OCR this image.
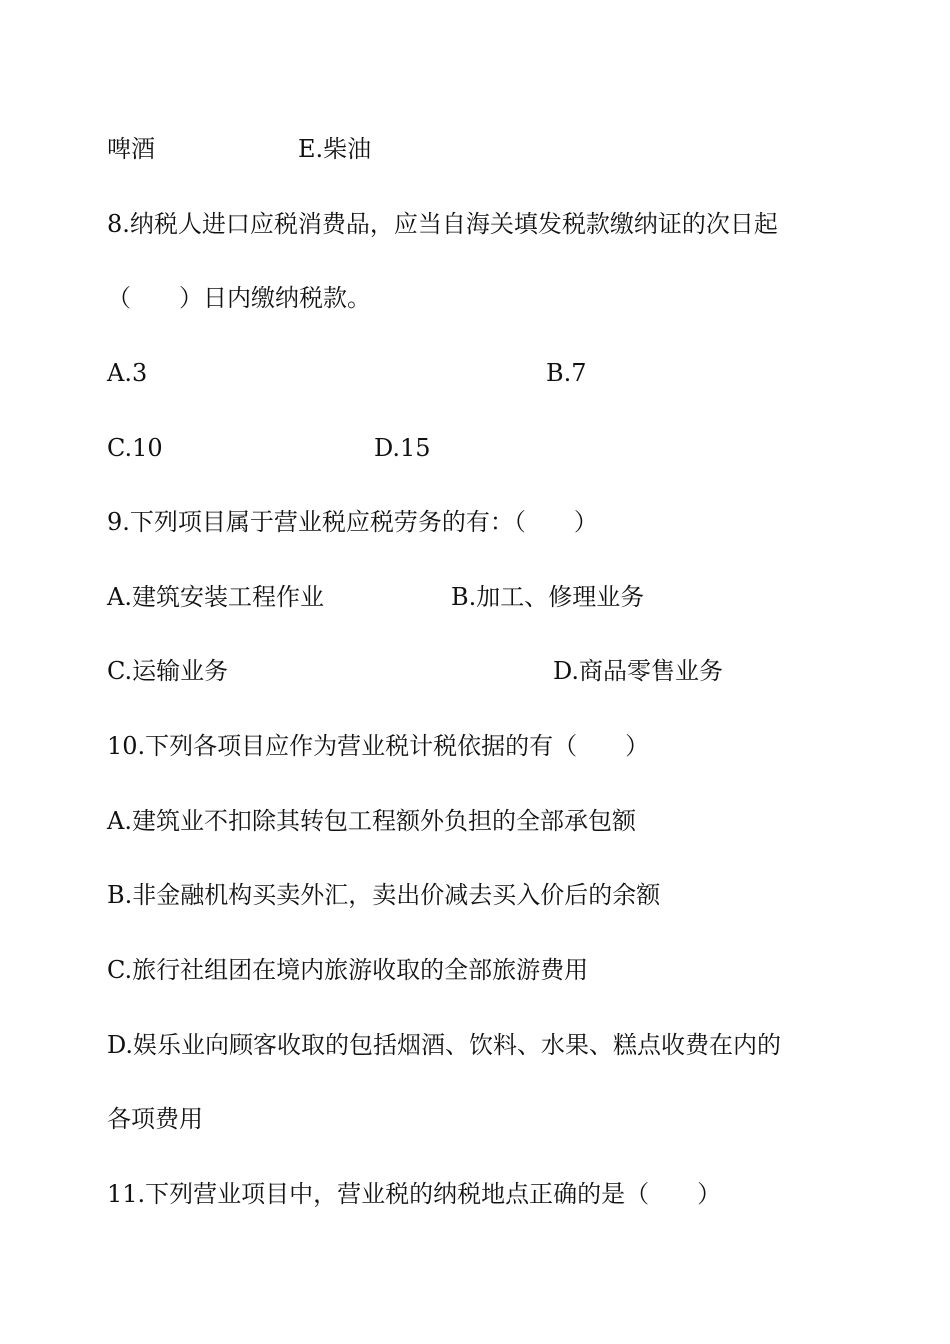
啤酒	E.柴油
8.纳税人进口应税消费品，应当自海关填发税款缴纳证的次日起
（　　）日内缴纳税款。
A.3	B.7
C.10	D.15
9.下列项目属于营业税应税劳务的有：（　　）
A.建筑安装工程作业	B.加工、修理业务
C.运输业务	D.商品零售业务
10.下列各项目应作为营业税计税依据的有（　　）
A.建筑业不扣除其转包工程额外负担的全部承包额
B.非金融机构买卖外汇，卖出价减去买入价后的余额
C.旅行社组团在境内旅游收取的全部旅游费用
D.娱乐业向顾客收取的包括烟酒、饮料、水果、糕点收费在内的
各项费用
11.下列营业项目中，营业税的纳税地点正确的是（　　）
